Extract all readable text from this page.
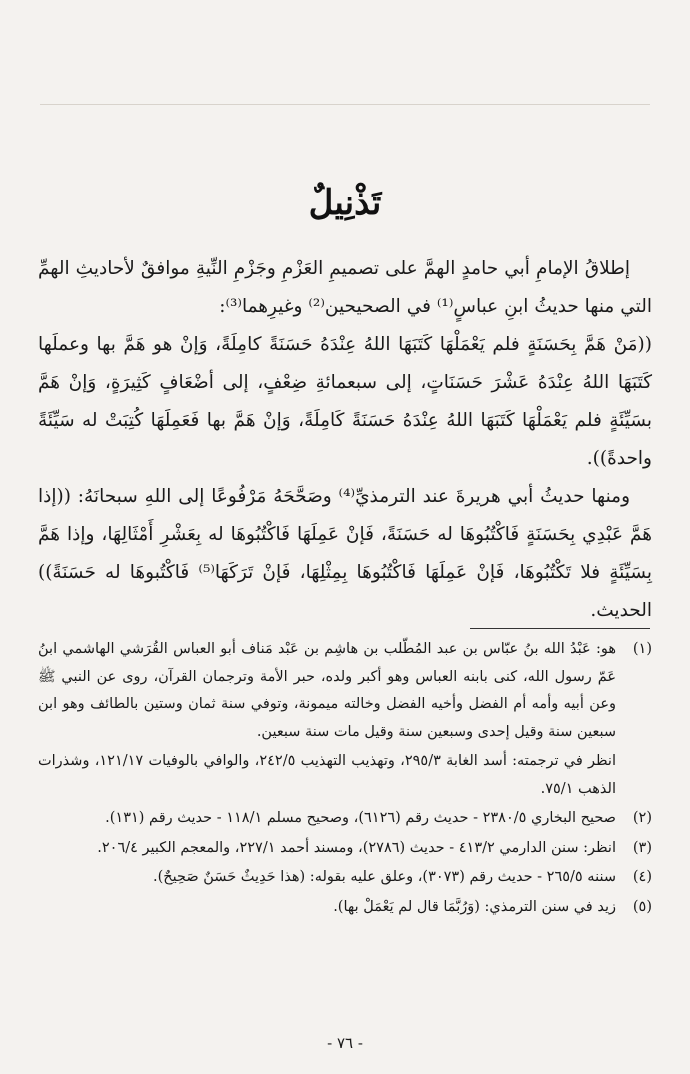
تَذْنِيلٌ

إطلاقُ الإمامِ أبي حامدٍ الهمَّ على تصميمِ العَزْمِ وجَزْمِ النِّيةِ موافقٌ لأحاديثِ الهمِّ التي منها حديثُ ابنِ عباسٍ⁽¹⁾ في الصحيحين⁽²⁾ وغيرِهما⁽³⁾:

((مَنْ هَمَّ بِحَسَنَةٍ فلم يَعْمَلْهَا كَتَبَهَا اللهُ عِنْدَهُ حَسَنَةً كامِلَةً، وَإنْ هو هَمَّ بها وعملَها كَتَبَهَا اللهُ عِنْدَهُ عَشْرَ حَسَنَاتٍ، إلى سبعمائةِ ضِعْفٍ، إلى أضْعَافٍ كَثِيرَةٍ، وَإنْ هَمَّ بسَيِّئَةٍ فلم يَعْمَلْهَا كَتَبَهَا اللهُ عِنْدَهُ حَسَنَةً كَامِلَةً، وَإنْ هَمَّ بها فَعَمِلَهَا كُتِبَتْ له سَيِّئَةً واحدةً)).

ومنها حديثُ أبي هريرةَ عند الترمذيِّ⁽⁴⁾ وصَحَّحَهُ مَرْفُوعًا إلى اللهِ سبحانَهُ: ((إذا هَمَّ عَبْدِي بِحَسَنَةٍ فَاكْتُبُوهَا له حَسَنَةً، فَإنْ عَمِلَهَا فَاكْتُبُوهَا له بِعَشْرِ أَمْثَالِهَا، وإذا هَمَّ بِسَيِّئَةٍ فلا تَكْتُبُوهَا، فَإنْ عَمِلَهَا فَاكْتُبُوهَا بِمِثْلِهَا، فَإنْ تَرَكَهَا⁽⁵⁾ فَاكْتُبوهَا له حَسَنَةً)) الحديث.

(١)
هو: عَبْدُ الله بنُ عبّاس بن عبد المُطّلب بن هاشِم بن عَبْد مَناف أبو العباس القُرَشي الهاشمي ابنُ عَمّ رسول الله، كنى بابنه العباس وهو أكبر ولده، حبر الأمة وترجمان القرآن، روى عن النبي ﷺ وعن أبيه وأمه أم الفضل وأخيه الفضل وخالته ميمونة، وتوفي سنة ثمان وستين بالطائف وهو ابن سبعين سنة وقيل إحدى وسبعين سنة وقيل مات سنة سبعين.
انظر في ترجمته: أسد الغابة ٢٩٥/٣، وتهذيب التهذيب ٢٤٢/٥، والوافي بالوفيات ١٢١/١٧، وشذرات الذهب ٧٥/١.
(٢)
صحيح البخاري ٢٣٨٠/٥ - حديث رقم (٦١٢٦)، وصحيح مسلم ١١٨/١ - حديث رقم (١٣١).
(٣)
انظر: سنن الدارمي ٤١٣/٢ - حديث (٢٧٨٦)، ومسند أحمد ٢٢٧/١، والمعجم الكبير ٢٠٦/٤.
(٤)
سننه ٢٦٥/٥ - حديث رقم (٣٠٧٣)، وعلق عليه بقوله: (هذا حَدِيثٌ حَسَنٌ صَحِيحٌ).
(٥)
زيد في سنن الترمذي: (وَرُبَّمَا قال لم يَعْمَلْ بها).
- ٧٦ -
